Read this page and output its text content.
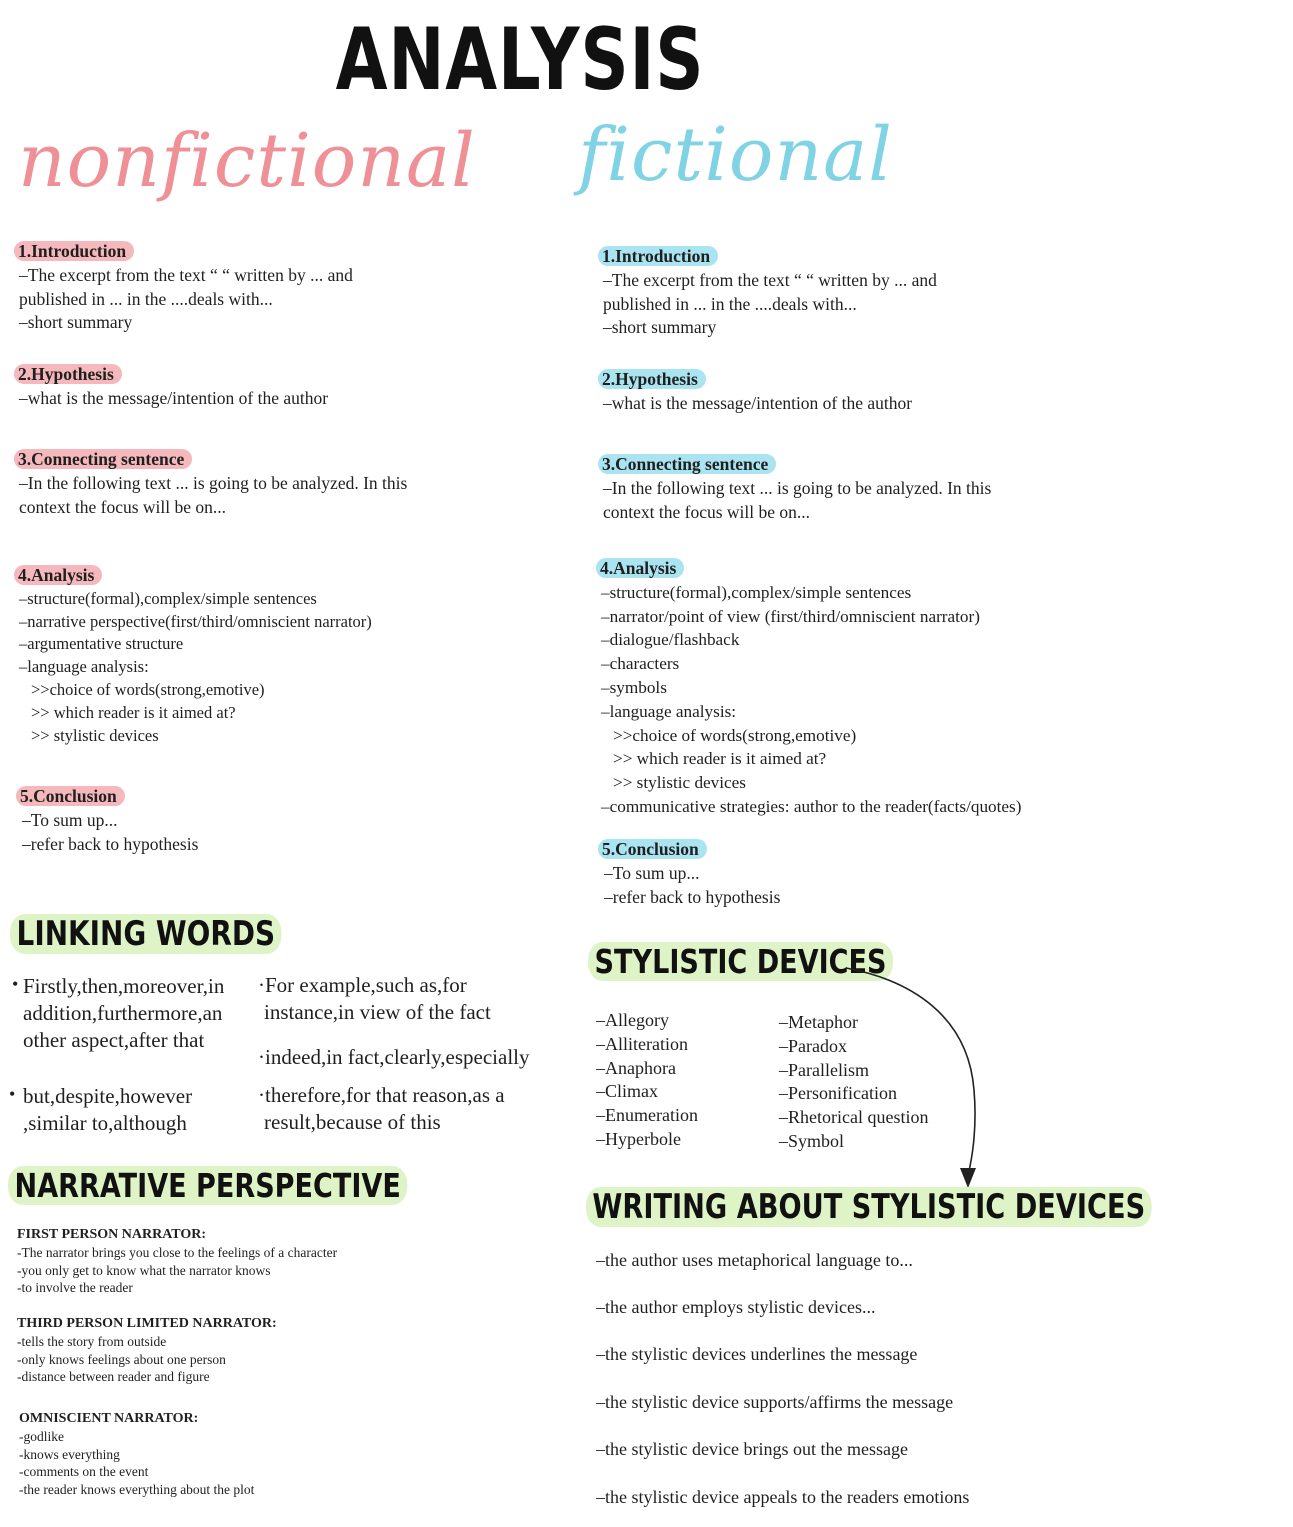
ANALYSIS
nonfictional fictional
1.Introduction
–The excerpt from the text “ “ written by ... and
published in ... in the ....deals with...
–short summary
2.Hypothesis
–what is the message/intention of the author
3.Connecting sentence
–In the following text ... is going to be analyzed. In this
context the focus will be on...
4.Analysis
–structure(formal),complex/simple sentences
–narrative perspective(first/third/omniscient narrator)
–argumentative structure
–language analysis:
>>choice of words(strong,emotive)
>> which reader is it aimed at?
>> stylistic devices
5.Conclusion
–To sum up...
–refer back to hypothesis
1.Introduction
–The excerpt from the text “ “ written by ... and
published in ... in the ....deals with...
–short summary
2.Hypothesis
–what is the message/intention of the author
3.Connecting sentence
–In the following text ... is going to be analyzed. In this
context the focus will be on...
4.Analysis
–structure(formal),complex/simple sentences
–narrator/point of view (first/third/omniscient narrator)
–dialogue/flashback
–characters
–symbols
–language analysis:
>>choice of words(strong,emotive)
>> which reader is it aimed at?
>> stylistic devices
–communicative strategies: author to the reader(facts/quotes)
5.Conclusion
–To sum up...
–refer back to hypothesis
LINKING WORDS
• Firstly,then,moreover,in
addition,furthermore,an
other aspect,after that
• but,despite,however
,similar to,although
·For example,such as,for
instance,in view of the fact
·indeed,in fact,clearly,especially
·therefore,for that reason,as a
result,because of this
NARRATIVE PERSPECTIVE
FIRST PERSON NARRATOR:
-The narrator brings you close to the feelings of a character
-you only get to know what the narrator knows
-to involve the reader
THIRD PERSON LIMITED NARRATOR:
-tells the story from outside
-only knows feelings about one person
-distance between reader and figure
OMNISCIENT NARRATOR:
-godlike
-knows everything
-comments on the event
-the reader knows everything about the plot
STYLISTIC DEVICES
–Allegory
–Alliteration
–Anaphora
–Climax
–Enumeration
–Hyperbole
–Metaphor
–Paradox
–Parallelism
–Personification
–Rhetorical question
–Symbol
WRITING ABOUT STYLISTIC DEVICES
–the author uses metaphorical language to...
–the author employs stylistic devices...
–the stylistic devices underlines the message
–the stylistic device supports/affirms the message
–the stylistic device brings out the message
–the stylistic device appeals to the readers emotions
